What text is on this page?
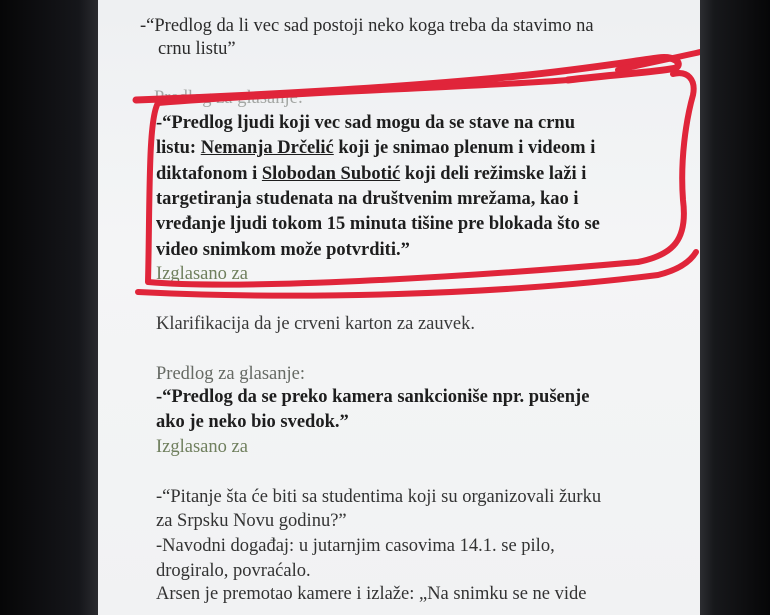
-“Predlog da li vec sad postoji neko koga treba da stavimo na
crnu listu”
Predlog za glasanje:
-“Predlog ljudi koji vec sad mogu da se stave na crnu
listu: Nemanja Drčelić koji je snimao plenum i videom i
diktafonom i Slobodan Subotić koji deli režimske laži i
targetiranja studenata na društvenim mrežama, kao i
vređanje ljudi tokom 15 minuta tišine pre blokada što se
video snimkom može potvrditi.”
Izglasano za
Klarifikacija da je crveni karton za zauvek.
Predlog za glasanje:
-“Predlog da se preko kamera sankcioniše npr. pušenje
ako je neko bio svedok.”
Izglasano za
-“Pitanje šta će biti sa studentima koji su organizovali žurku
za Srpsku Novu godinu?”
-Navodni događaj: u jutarnjim casovima 14.1. se pilo,
drogiralo, povraćalo.
Arsen je premotao kamere i izlaže: „Na snimku se ne vide
